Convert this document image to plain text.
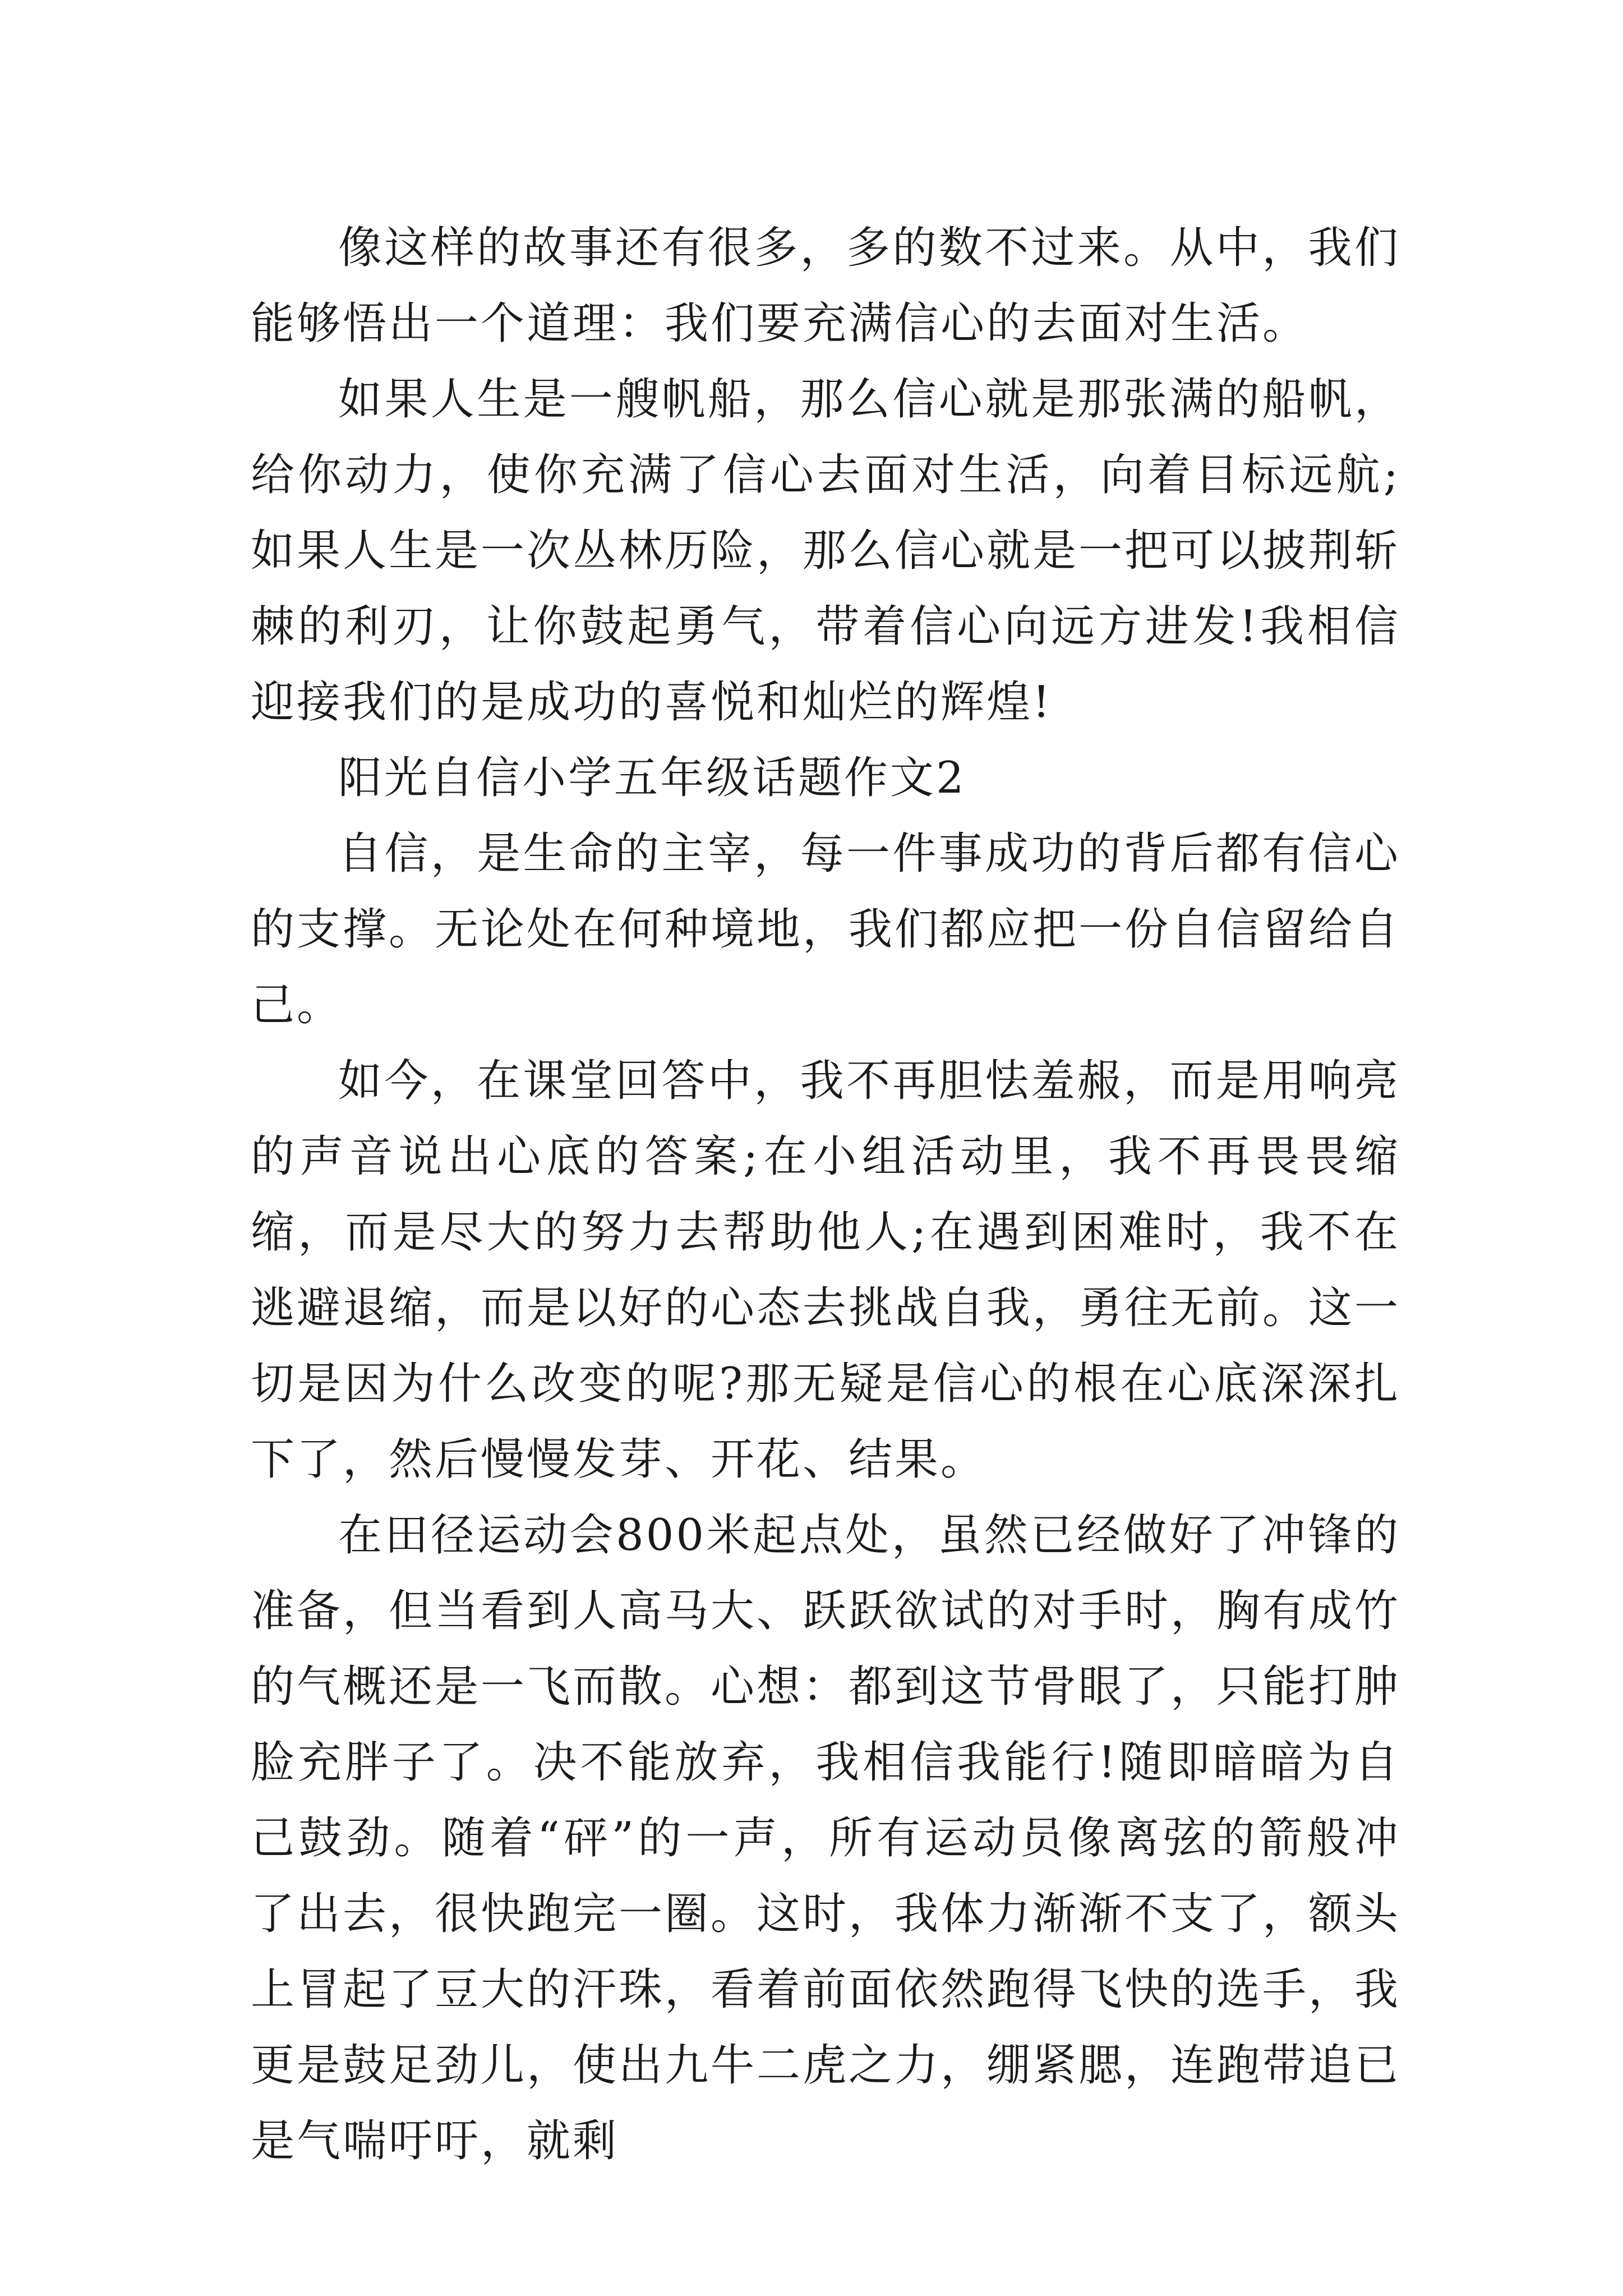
像这样的故事还有很多，多的数不过来。从中，我们能够悟出一个道理：我们要充满信心的去面对生活。

如果人生是一艘帆船，那么信心就是那张满的船帆，给你动力，使你充满了信心去面对生活，向着目标远航;如果人生是一次丛林历险，那么信心就是一把可以披荆斩棘的利刃，让你鼓起勇气，带着信心向远方进发!我相信迎接我们的是成功的喜悦和灿烂的辉煌!

阳光自信小学五年级话题作文2

自信，是生命的主宰，每一件事成功的背后都有信心的支撑。无论处在何种境地，我们都应把一份自信留给自己。

如今，在课堂回答中，我不再胆怯羞赧，而是用响亮的声音说出心底的答案;在小组活动里，我不再畏畏缩缩，而是尽大的努力去帮助他人;在遇到困难时，我不在逃避退缩，而是以好的心态去挑战自我，勇往无前。这一切是因为什么改变的呢?那无疑是信心的根在心底深深扎下了，然后慢慢发芽、开花、结果。

在田径运动会800米起点处，虽然已经做好了冲锋的准备，但当看到人高马大、跃跃欲试的对手时，胸有成竹的气概还是一飞而散。心想：都到这节骨眼了，只能打肿脸充胖子了。决不能放弃，我相信我能行!随即暗暗为自己鼓劲。随着“砰”的一声，所有运动员像离弦的箭般冲了出去，很快跑完一圈。这时，我体力渐渐不支了，额头上冒起了豆大的汗珠，看着前面依然跑得飞快的选手，我更是鼓足劲儿，使出九牛二虎之力，绷紧腮，连跑带追已是气喘吁吁，就剩
